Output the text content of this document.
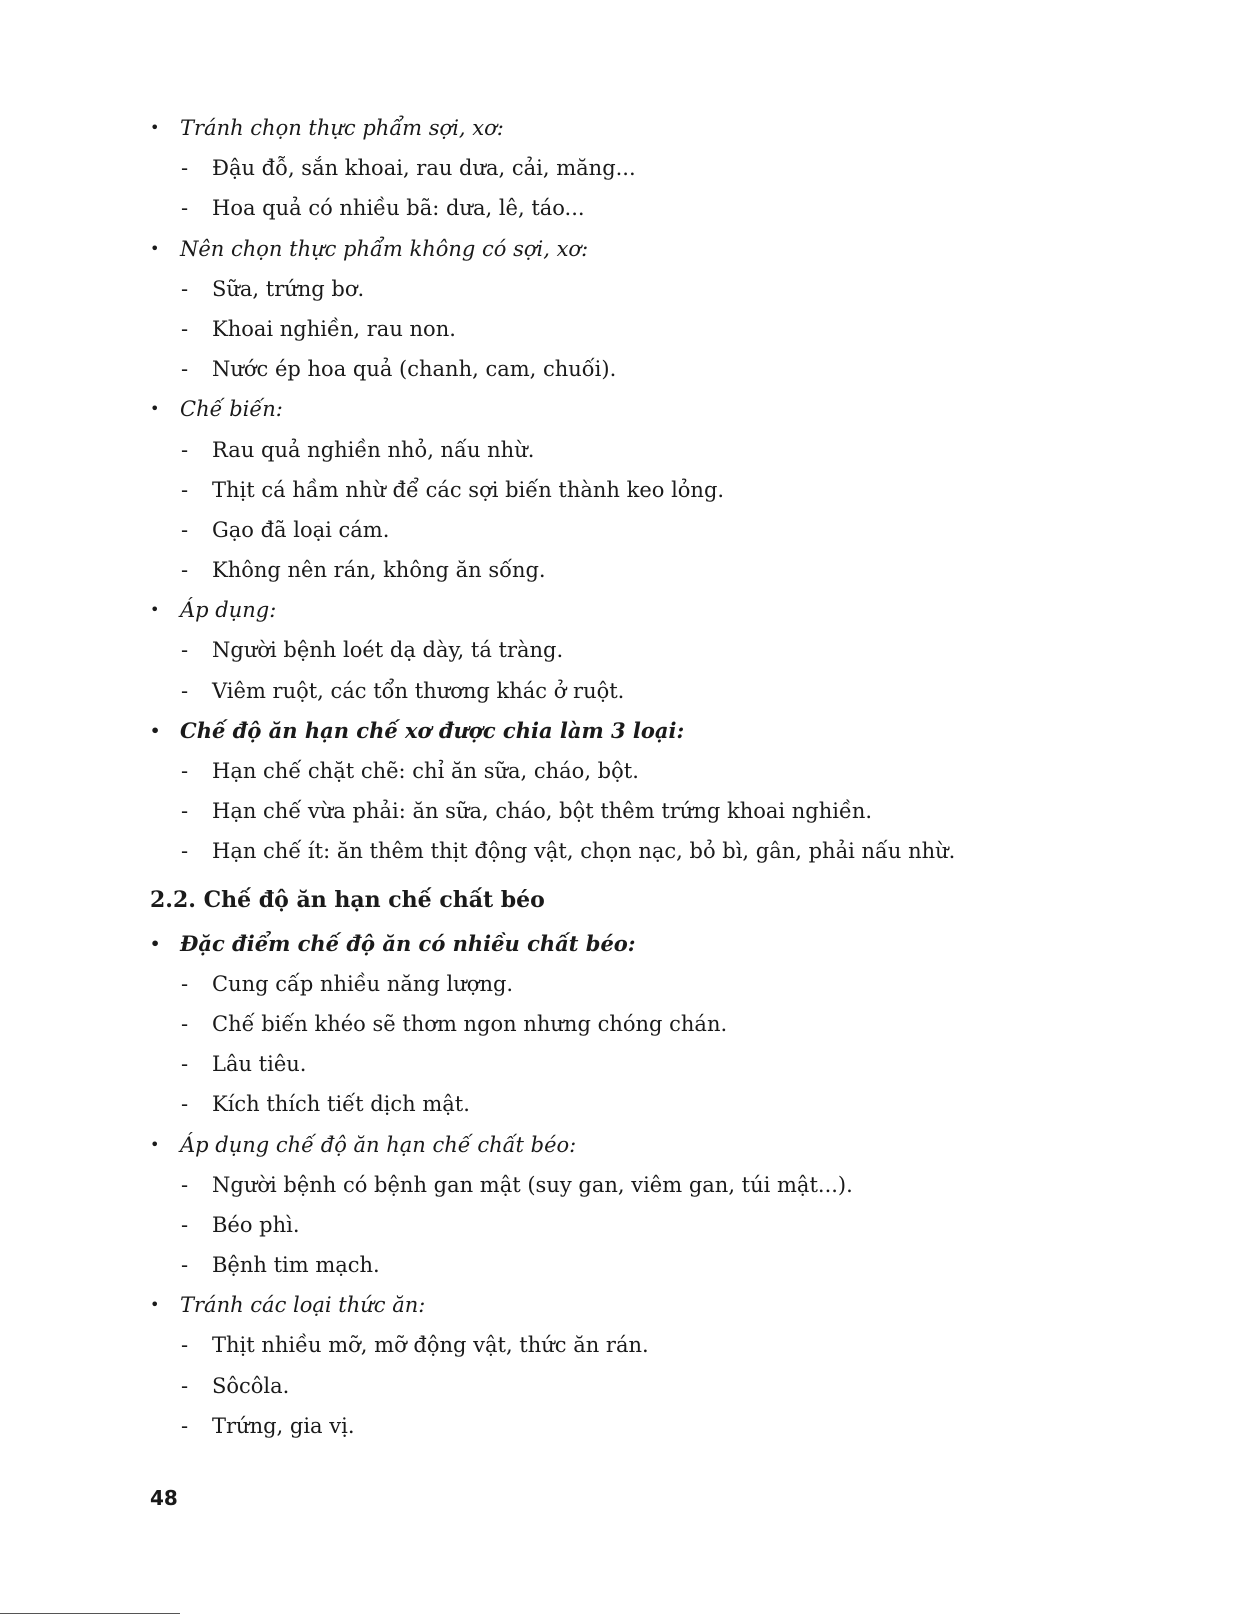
• Tránh chọn thực phẩm sợi, xơ:
- Đậu đỗ, sắn khoai, rau dưa, cải, măng...
- Hoa quả có nhiều bã: dưa, lê, táo...
• Nên chọn thực phẩm không có sợi, xơ:
- Sữa, trứng bơ.
- Khoai nghiền, rau non.
- Nước ép hoa quả (chanh, cam, chuối).
• Chế biến:
- Rau quả nghiền nhỏ, nấu nhừ.
- Thịt cá hầm nhừ để các sợi biến thành keo lỏng.
- Gạo đã loại cám.
- Không nên rán, không ăn sống.
• Áp dụng:
- Người bệnh loét dạ dày, tá tràng.
- Viêm ruột, các tổn thương khác ở ruột.
• Chế độ ăn hạn chế xơ được chia làm 3 loại:
- Hạn chế chặt chẽ: chỉ ăn sữa, cháo, bột.
- Hạn chế vừa phải: ăn sữa, cháo, bột thêm trứng khoai nghiền.
- Hạn chế ít: ăn thêm thịt động vật, chọn nạc, bỏ bì, gân, phải nấu nhừ.
2.2. Chế độ ăn hạn chế chất béo
• Đặc điểm chế độ ăn có nhiều chất béo:
- Cung cấp nhiều năng lượng.
- Chế biến khéo sẽ thơm ngon nhưng chóng chán.
- Lâu tiêu.
- Kích thích tiết dịch mật.
• Áp dụng chế độ ăn hạn chế chất béo:
- Người bệnh có bệnh gan mật (suy gan, viêm gan, túi mật...).
- Béo phì.
- Bệnh tim mạch.
• Tránh các loại thức ăn:
- Thịt nhiều mỡ, mỡ động vật, thức ăn rán.
- Sôcôla.
- Trứng, gia vị.
48
